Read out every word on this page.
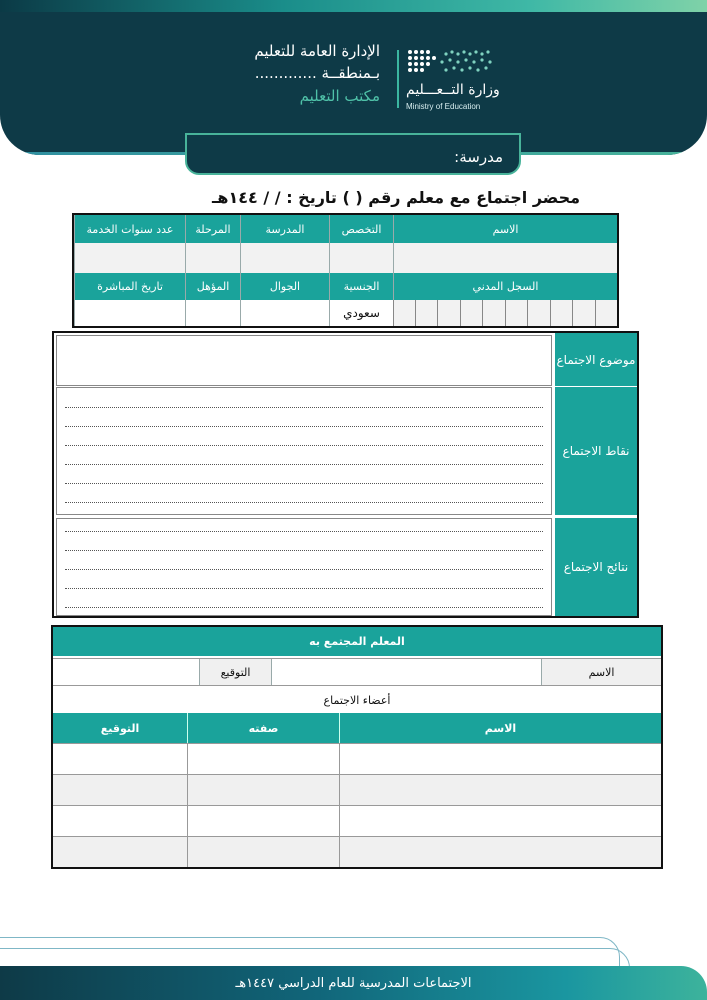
الإدارة العامة للتعليم
بـمنطقــة .............
مكتب التعليم وزارة التــعـــليم
Ministry of Education
مدرسة:
محضر اجتماع مع معلم رقم ( ) تاريخ : / / ١٤٤هـ
الاسم
التخصص
المدرسة
المرحلة
عدد سنوات الخدمة
السجل المدني
الجنسية
الجوال
المؤهل
تاريخ المباشرة
سعودي
موضوع الاجتماع
نقاط الاجتماع
نتائج الاجتماع
المعلم المجتمع به
الاسم
التوقيع
أعضاء الاجتماع
الاسم
صفته
التوقيع
الاجتماعات المدرسية للعام الدراسي ١٤٤٧هـ
